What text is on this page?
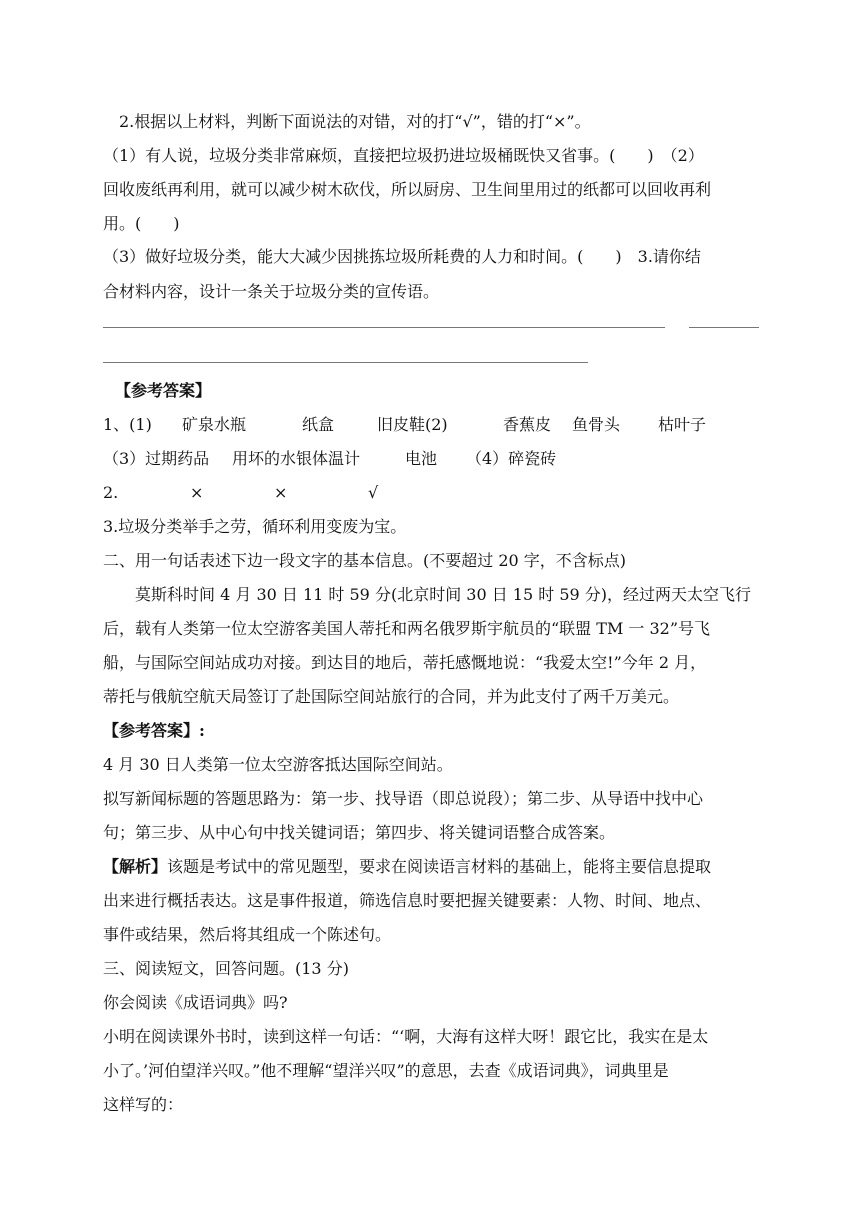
　2.根据以上材料，判断下面说法的对错，对的打“√”，错的打“×”。
（1）有人说，垃圾分类非常麻烦，直接把垃圾扔进垃圾桶既快又省事。(　　)　（2）
回收废纸再利用，就可以减少树木砍伐，所以厨房、卫生间里用过的纸都可以回收再利
用。(　　)
（3）做好垃圾分类，能大大减少因挑拣垃圾所耗费的人力和时间。(　　)　3.请你结
合材料内容，设计一条关于垃圾分类的宣传语。
【参考答案】
1、(1) 矿泉水瓶	纸盒	旧皮鞋(2)	香蕉皮 鱼骨头 枯叶子
（3）过期药品 用坏的水银体温计	电池 （4）碎瓷砖
2.	×	×	√
3.垃圾分类举手之劳，循环利用变废为宝。
二、用一句话表述下边一段文字的基本信息。(不要超过 20 字，不含标点)
　　莫斯科时间 4 月 30 日 11 时 59 分(北京时间 30 日 15 时 59 分)，经过两天太空飞行
后，载有人类第一位太空游客美国人蒂托和两名俄罗斯宇航员的“联盟 TM 一 32”号飞
船，与国际空间站成功对接。到达目的地后，蒂托感慨地说：“我爱太空!”今年 2 月，
蒂托与俄航空航天局签订了赴国际空间站旅行的合同，并为此支付了两千万美元。
【参考答案】:
4 月 30 日人类第一位太空游客抵达国际空间站。
拟写新闻标题的答题思路为：第一步、找导语（即总说段）；第二步、从导语中找中心
句；第三步、从中心句中找关键词语；第四步、将关键词语整合成答案。
【解析】该题是考试中的常见题型，要求在阅读语言材料的基础上，能将主要信息提取
出来进行概括表达。这是事件报道，筛选信息时要把握关键要素：人物、时间、地点、
事件或结果，然后将其组成一个陈述句。
三、阅读短文，回答问题。(13 分)
你会阅读《成语词典》吗?
小明在阅读课外书时，读到这样一句话：“‘啊，大海有这样大呀！跟它比，我实在是太
小了。’河伯望洋兴叹。”他不理解“望洋兴叹”的意思，去查《成语词典》，词典里是
这样写的：
